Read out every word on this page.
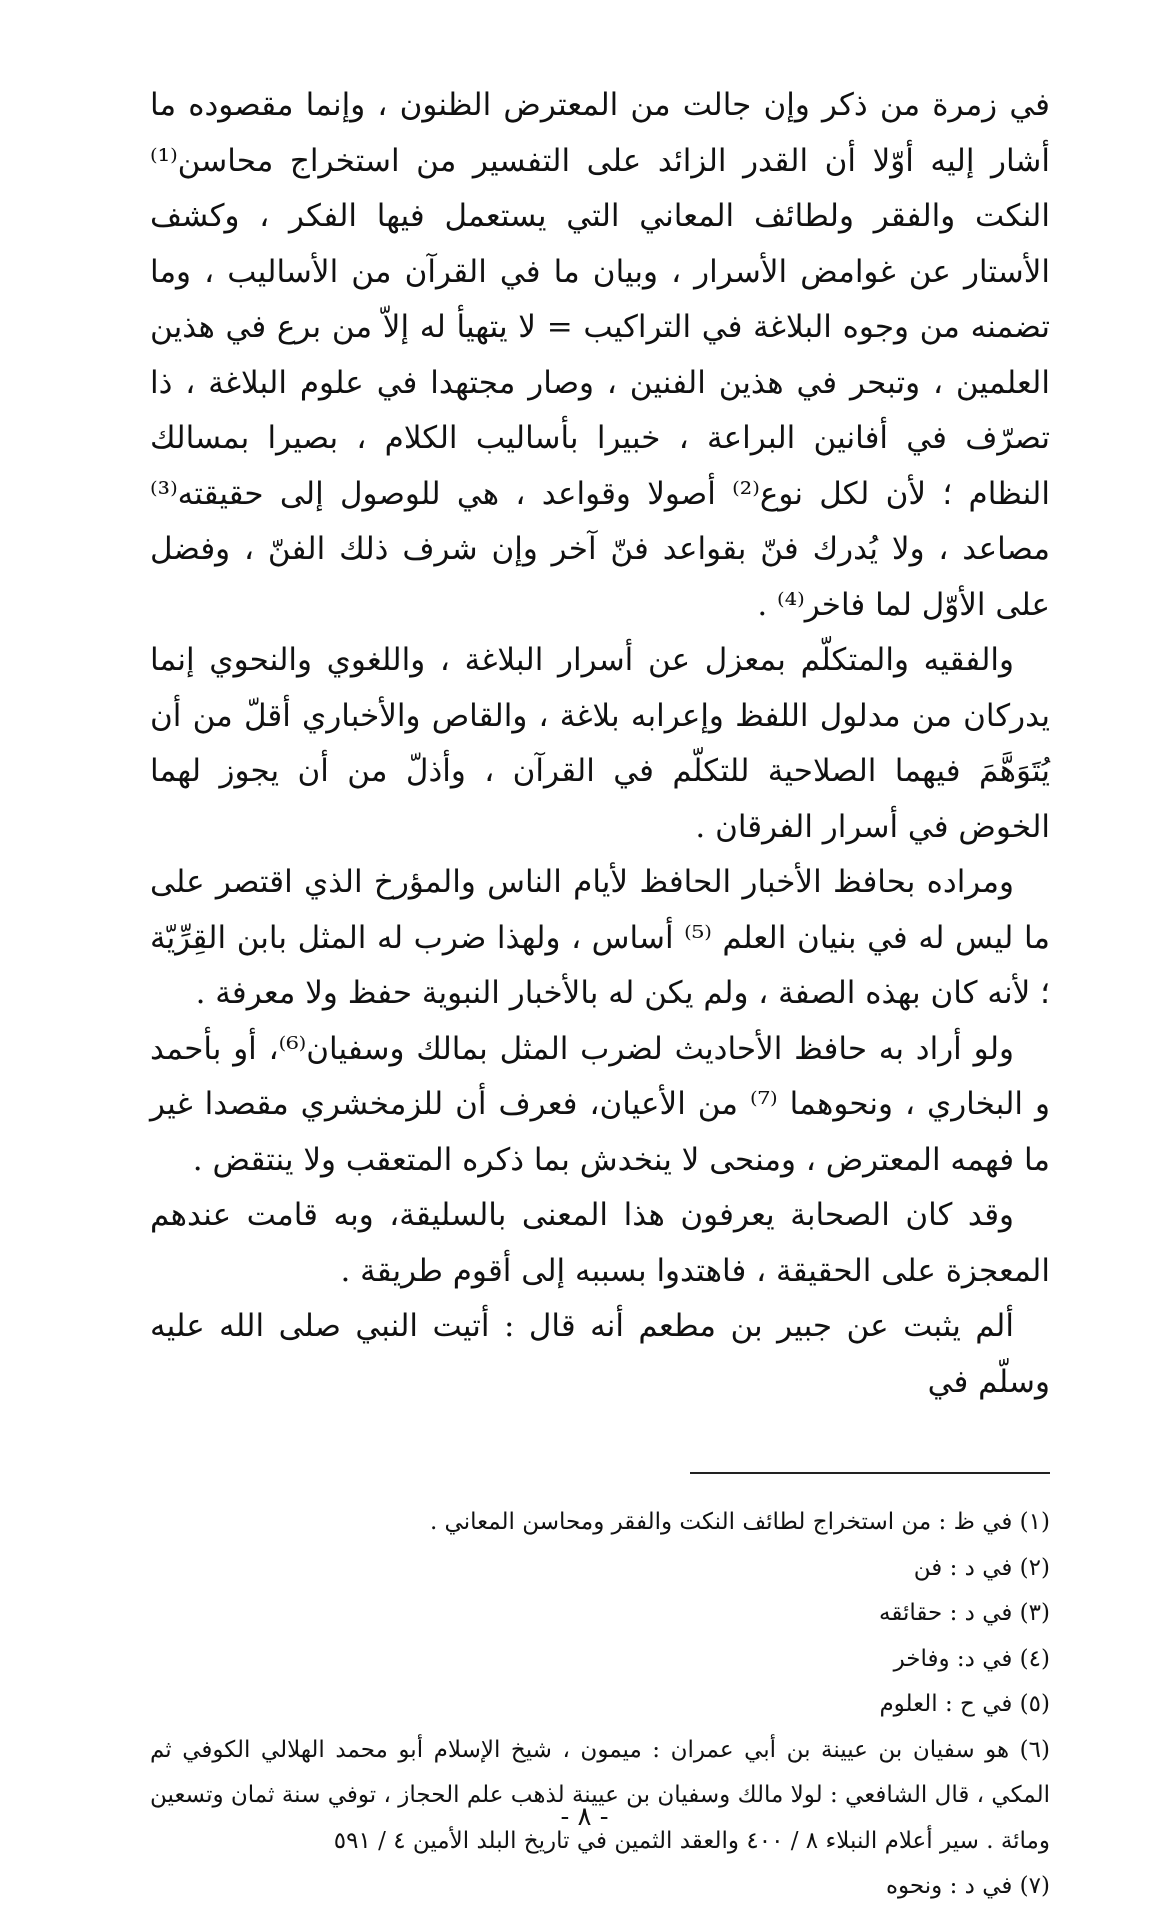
في زمرة من ذكر وإن جالت من المعترض الظنون ، وإنما مقصوده ما أشار إليه أوّلا أن القدر الزائد على التفسير من استخراج محاسن⁽¹⁾ النكت والفقر ولطائف المعاني التي يستعمل فيها الفكر ، وكشف الأستار عن غوامض الأسرار ، وبيان ما في القرآن من الأساليب ، وما تضمنه من وجوه البلاغة في التراكيب = لا يتهيأ له إلاّ من برع في هذين العلمين ، وتبحر في هذين الفنين ، وصار مجتهدا في علوم البلاغة ، ذا تصرّف في أفانين البراعة ، خبيرا بأساليب الكلام ، بصيرا بمسالك النظام ؛ لأن لكل نوع⁽²⁾ أصولا وقواعد ، هي للوصول إلى حقيقته⁽³⁾ مصاعد ، ولا يُدرك فنّ بقواعد فنّ آخر وإن شرف ذلك الفنّ ، وفضل على الأوّل لما فاخر⁽⁴⁾ .

والفقيه والمتكلّم بمعزل عن أسرار البلاغة ، واللغوي والنحوي إنما يدركان من مدلول اللفظ وإعرابه بلاغة ، والقاص والأخباري أقلّ من أن يُتَوَهَّمَ فيهما الصلاحية للتكلّم في القرآن ، وأذلّ من أن يجوز لهما الخوض في أسرار الفرقان .

ومراده بحافظ الأخبار الحافظ لأيام الناس والمؤرخ الذي اقتصر على ما ليس له في بنيان العلم ⁽⁵⁾ أساس ، ولهذا ضرب له المثل بابن القِرِّيّة ؛ لأنه كان بهذه الصفة ، ولم يكن له بالأخبار النبوية حفظ ولا معرفة .

ولو أراد به حافظ الأحاديث لضرب المثل بمالك وسفيان⁽⁶⁾، أو بأحمد و البخاري ، ونحوهما ⁽⁷⁾ من الأعيان، فعرف أن للزمخشري مقصدا غير ما فهمه المعترض ، ومنحى لا ينخدش بما ذكره المتعقب ولا ينتقض .

وقد كان الصحابة يعرفون هذا المعنى بالسليقة، وبه قامت عندهم المعجزة على الحقيقة ، فاهتدوا بسببه إلى أقوم طريقة .

ألم يثبت عن جبير بن مطعم أنه قال : أتيت النبي صلى الله عليه وسلّم في

(١) في ظ : من استخراج لطائف النكت والفقر ومحاسن المعاني .

(٢) في د : فن

(٣) في د : حقائقه

(٤) في د: وفاخر

(٥) في ح : العلوم

(٦) هو سفيان بن عيينة بن أبي عمران : ميمون ، شيخ الإسلام أبو محمد الهلالي الكوفي ثم المكي ، قال الشافعي : لولا مالك وسفيان بن عيينة لذهب علم الحجاز ، توفي سنة ثمان وتسعين ومائة . سير أعلام النبلاء ٨ / ٤٠٠ والعقد الثمين في تاريخ البلد الأمين ٤ / ٥٩١

(٧) في د : ونحوه

- ٨ -
